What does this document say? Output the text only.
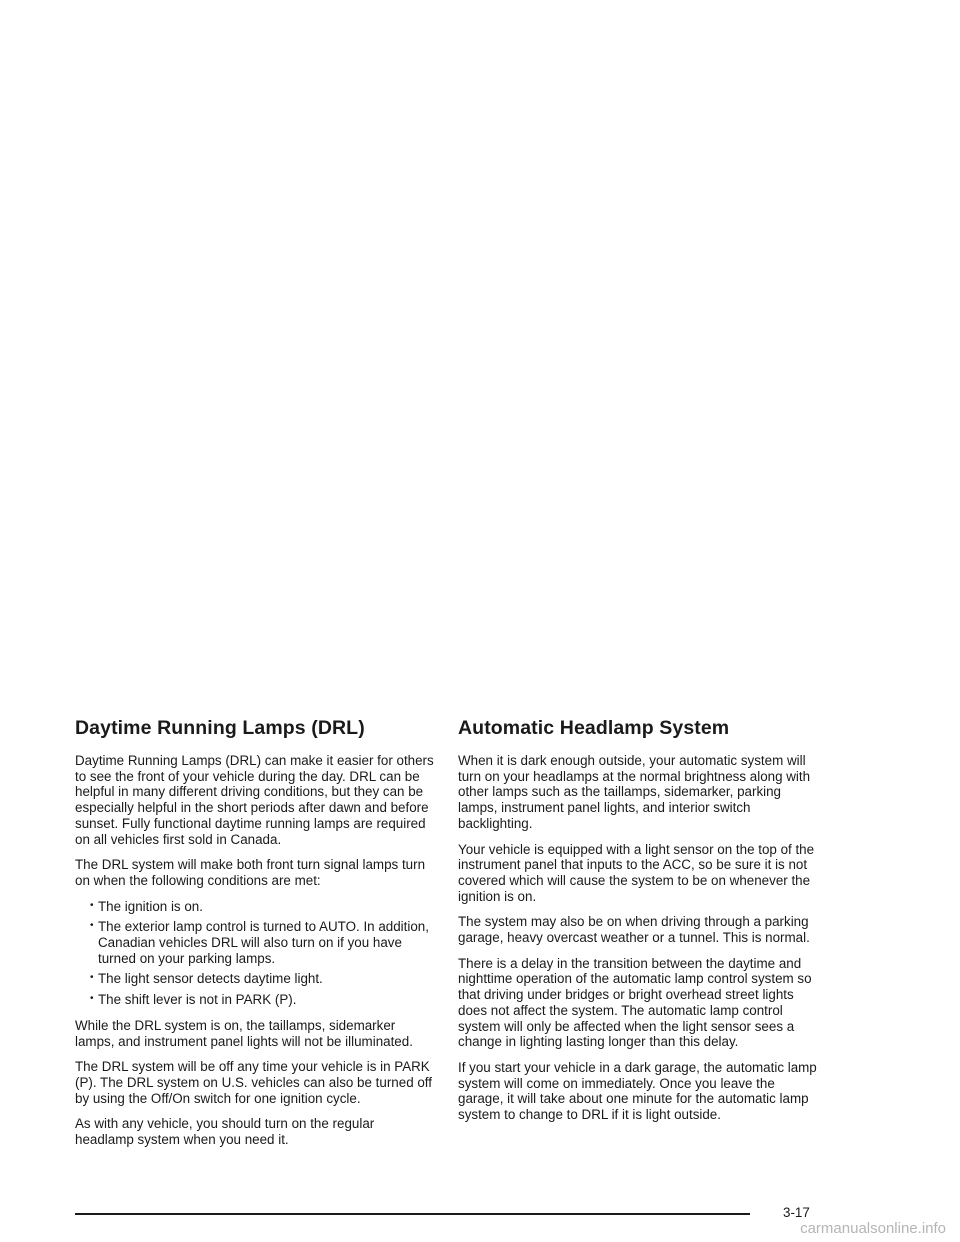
Daytime Running Lamps (DRL)

Daytime Running Lamps (DRL) can make it easier for others to see the front of your vehicle during the day. DRL can be helpful in many different driving conditions, but they can be especially helpful in the short periods after dawn and before sunset. Fully functional daytime running lamps are required on all vehicles first sold in Canada.

The DRL system will make both front turn signal lamps turn on when the following conditions are met:

• The ignition is on.
• The exterior lamp control is turned to AUTO. In addition, Canadian vehicles DRL will also turn on if you have turned on your parking lamps.
• The light sensor detects daytime light.
• The shift lever is not in PARK (P).

While the DRL system is on, the taillamps, sidemarker lamps, and instrument panel lights will not be illuminated.

The DRL system will be off any time your vehicle is in PARK (P). The DRL system on U.S. vehicles can also be turned off by using the Off/On switch for one ignition cycle.

As with any vehicle, you should turn on the regular headlamp system when you need it.

Automatic Headlamp System

When it is dark enough outside, your automatic system will turn on your headlamps at the normal brightness along with other lamps such as the taillamps, sidemarker, parking lamps, instrument panel lights, and interior switch backlighting.

Your vehicle is equipped with a light sensor on the top of the instrument panel that inputs to the ACC, so be sure it is not covered which will cause the system to be on whenever the ignition is on.

The system may also be on when driving through a parking garage, heavy overcast weather or a tunnel. This is normal.

There is a delay in the transition between the daytime and nighttime operation of the automatic lamp control system so that driving under bridges or bright overhead street lights does not affect the system. The automatic lamp control system will only be affected when the light sensor sees a change in lighting lasting longer than this delay.

If you start your vehicle in a dark garage, the automatic lamp system will come on immediately. Once you leave the garage, it will take about one minute for the automatic lamp system to change to DRL if it is light outside.

3-17
carmanualsonline.info
